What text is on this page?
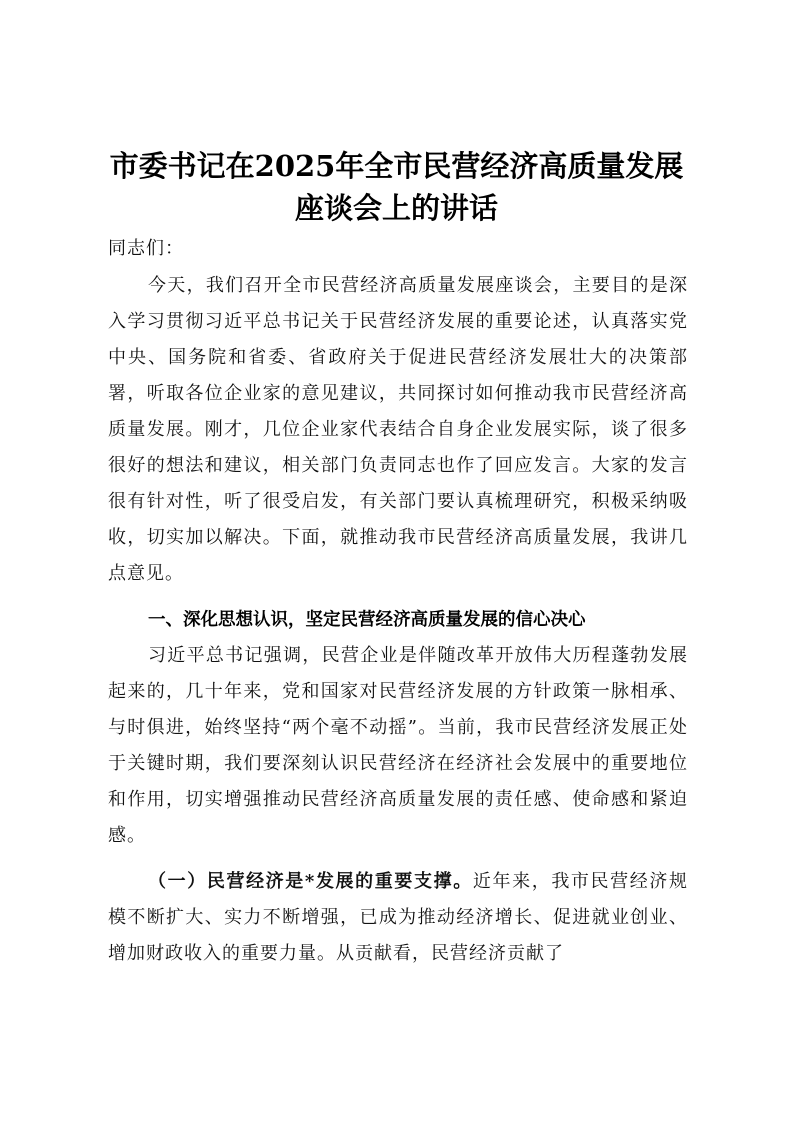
市委书记在2025年全市民营经济高质量发展
座谈会上的讲话
同志们：
今天，我们召开全市民营经济高质量发展座谈会，主要目的是深入学习贯彻习近平总书记关于民营经济发展的重要论述，认真落实党中央、国务院和省委、省政府关于促进民营经济发展壮大的决策部署，听取各位企业家的意见建议，共同探讨如何推动我市民营经济高质量发展。刚才，几位企业家代表结合自身企业发展实际，谈了很多很好的想法和建议，相关部门负责同志也作了回应发言。大家的发言很有针对性，听了很受启发，有关部门要认真梳理研究，积极采纳吸收，切实加以解决。下面，就推动我市民营经济高质量发展，我讲几点意见。
一、深化思想认识，坚定民营经济高质量发展的信心决心
习近平总书记强调，民营企业是伴随改革开放伟大历程蓬勃发展起来的，几十年来，党和国家对民营经济发展的方针政策一脉相承、与时俱进，始终坚持“两个毫不动摇”。当前，我市民营经济发展正处于关键时期，我们要深刻认识民营经济在经济社会发展中的重要地位和作用，切实增强推动民营经济高质量发展的责任感、使命感和紧迫感。
（一）民营经济是*发展的重要支撑。近年来，我市民营经济规模不断扩大、实力不断增强，已成为推动经济增长、促进就业创业、增加财政收入的重要力量。从贡献看，民营经济贡献了
